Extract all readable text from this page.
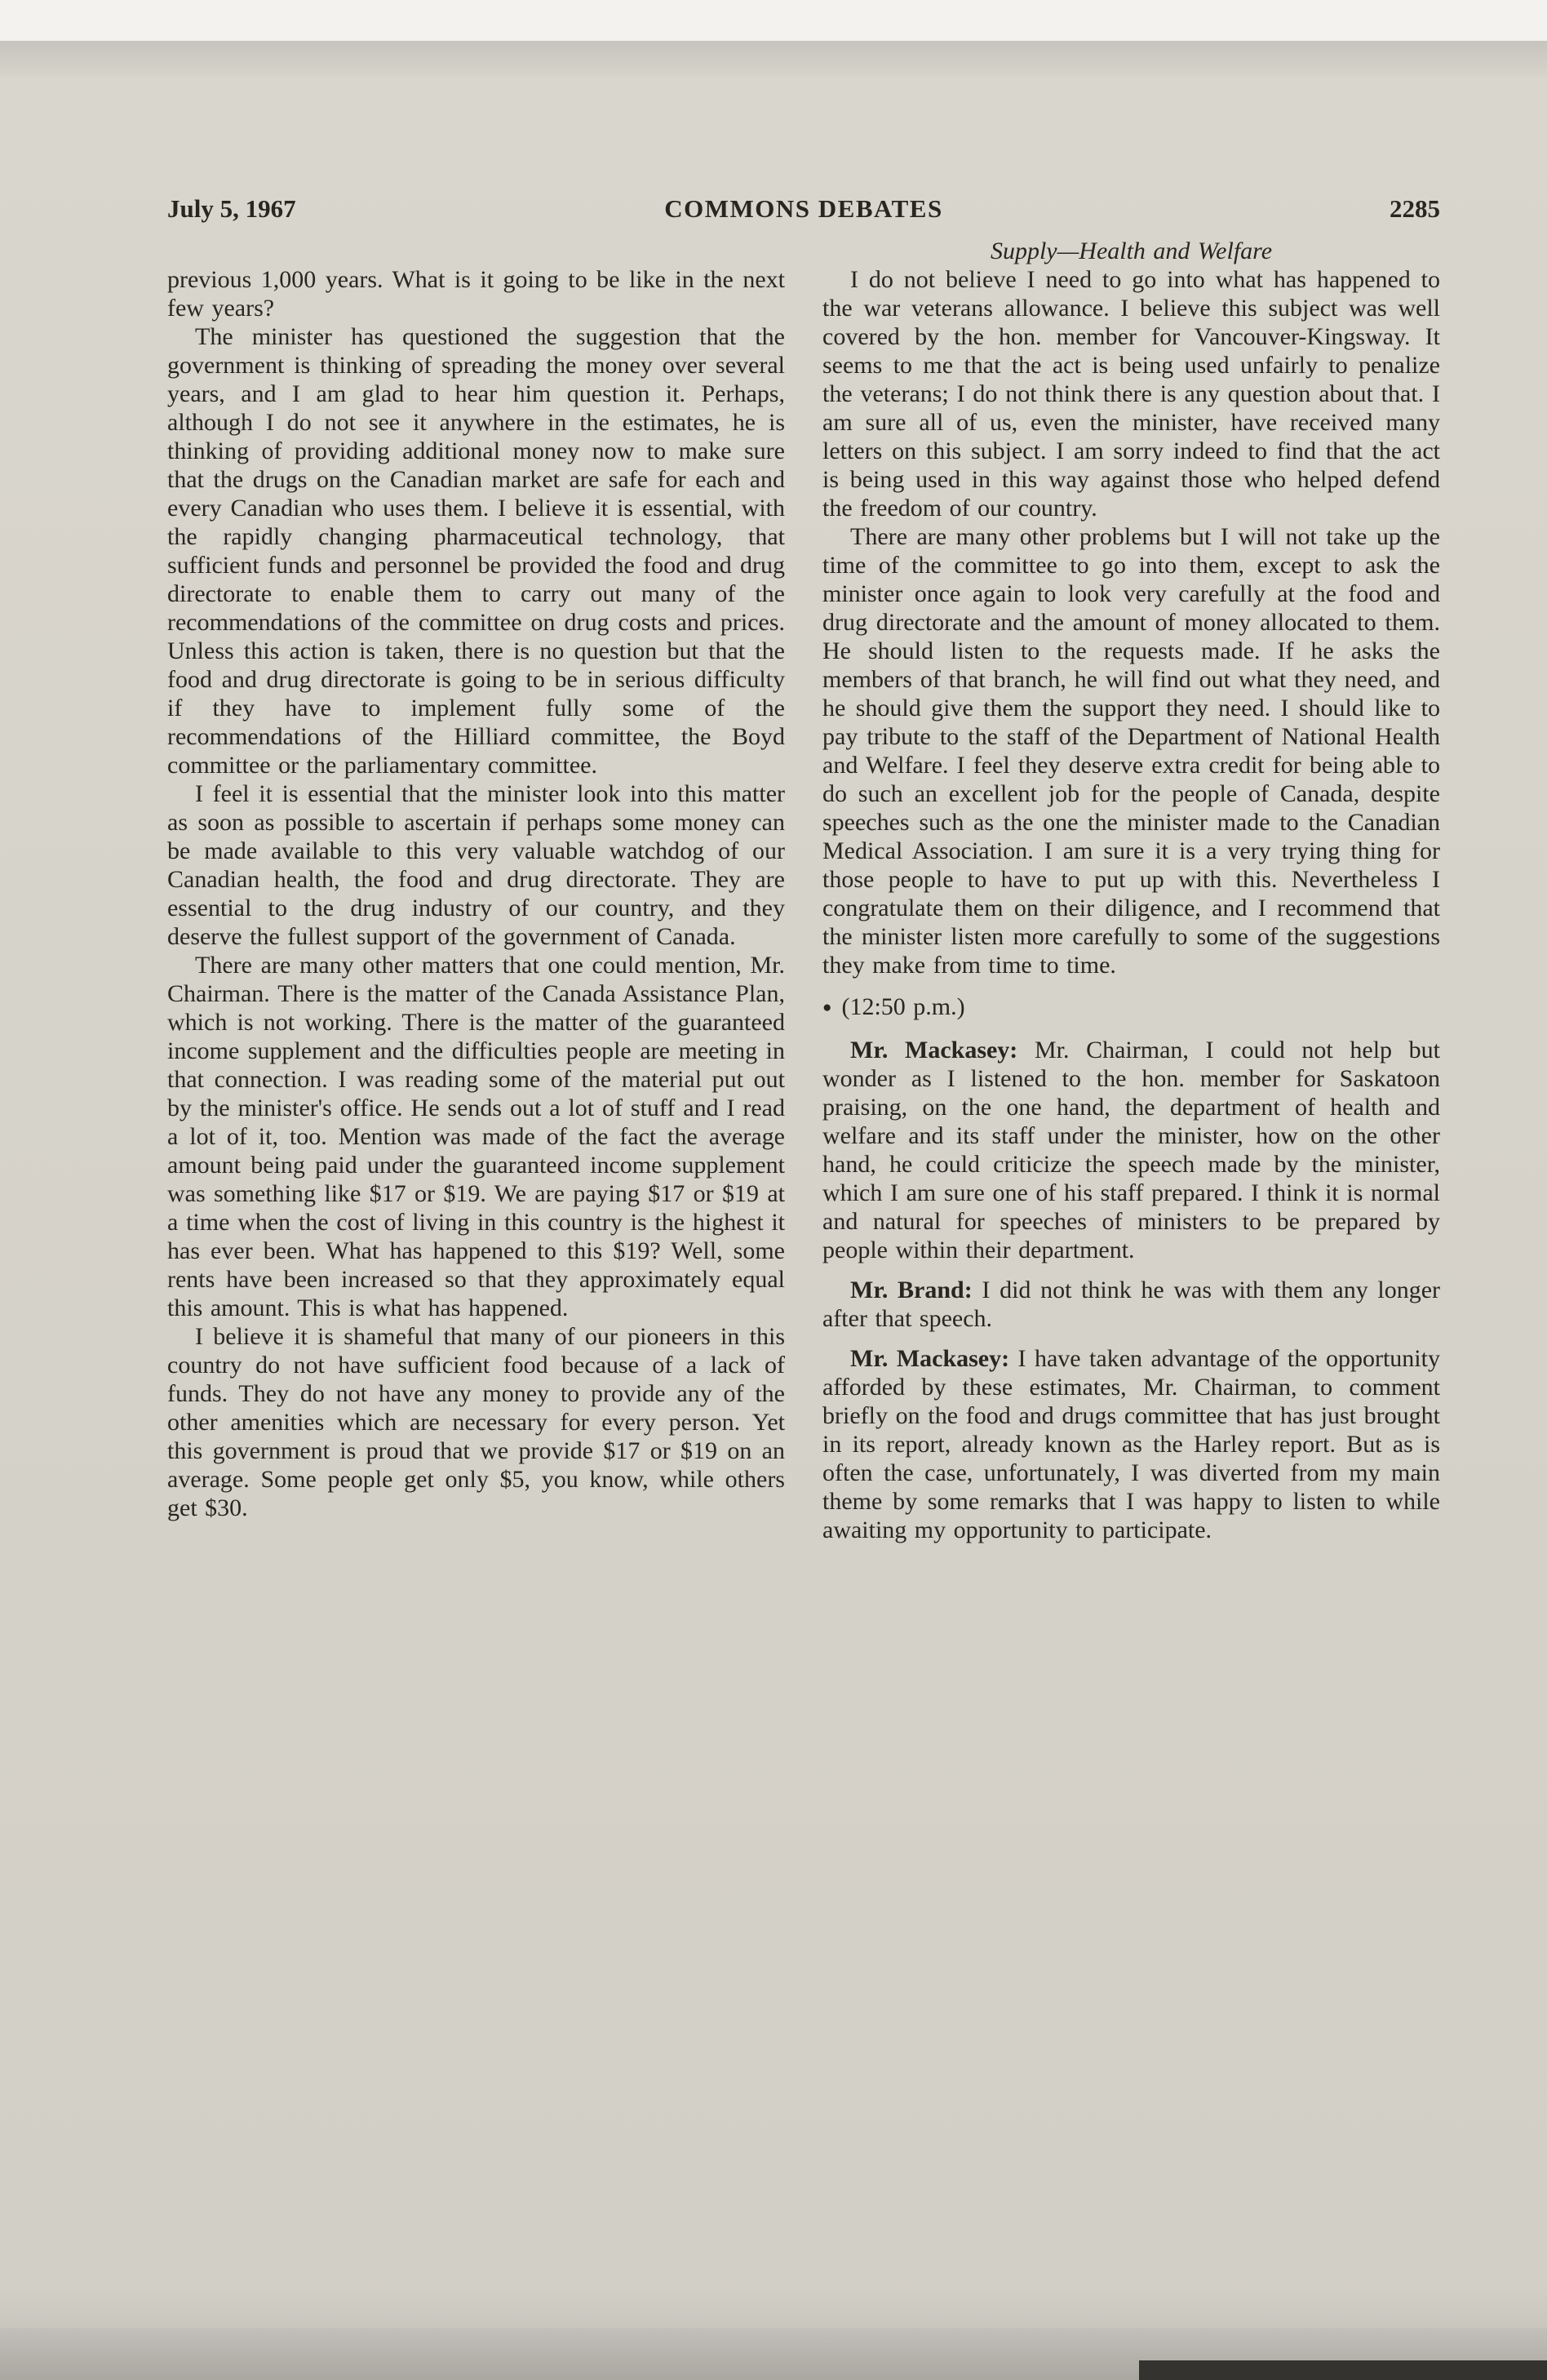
July 5, 1967	COMMONS DEBATES	2285

previous 1,000 years. What is it going to be like in the next few years?

The minister has questioned the suggestion that the government is thinking of spreading the money over several years, and I am glad to hear him question it. Perhaps, although I do not see it anywhere in the estimates, he is thinking of providing additional money now to make sure that the drugs on the Canadian market are safe for each and every Canadian who uses them. I believe it is essential, with the rapidly changing pharmaceutical technology, that sufficient funds and personnel be provided the food and drug directorate to enable them to carry out many of the recommendations of the committee on drug costs and prices. Unless this action is taken, there is no question but that the food and drug directorate is going to be in serious difficulty if they have to implement fully some of the recommendations of the Hilliard committee, the Boyd committee or the parliamentary committee.

I feel it is essential that the minister look into this matter as soon as possible to ascertain if perhaps some money can be made available to this very valuable watchdog of our Canadian health, the food and drug directorate. They are essential to the drug industry of our country, and they deserve the fullest support of the government of Canada.

There are many other matters that one could mention, Mr. Chairman. There is the matter of the Canada Assistance Plan, which is not working. There is the matter of the guaranteed income supplement and the difficulties people are meeting in that connection. I was reading some of the material put out by the minister's office. He sends out a lot of stuff and I read a lot of it, too. Mention was made of the fact the average amount being paid under the guaranteed income supplement was something like $17 or $19. We are paying $17 or $19 at a time when the cost of living in this country is the highest it has ever been. What has happened to this $19? Well, some rents have been increased so that they approximately equal this amount. This is what has happened.

I believe it is shameful that many of our pioneers in this country do not have sufficient food because of a lack of funds. They do not have any money to provide any of the other amenities which are necessary for every person. Yet this government is proud that we provide $17 or $19 on an average. Some people get only $5, you know, while others get $30.

Supply—Health and Welfare

I do not believe I need to go into what has happened to the war veterans allowance. I believe this subject was well covered by the hon. member for Vancouver-Kingsway. It seems to me that the act is being used unfairly to penalize the veterans; I do not think there is any question about that. I am sure all of us, even the minister, have received many letters on this subject. I am sorry indeed to find that the act is being used in this way against those who helped defend the freedom of our country.

There are many other problems but I will not take up the time of the committee to go into them, except to ask the minister once again to look very carefully at the food and drug directorate and the amount of money allocated to them. He should listen to the requests made. If he asks the members of that branch, he will find out what they need, and he should give them the support they need. I should like to pay tribute to the staff of the Department of National Health and Welfare. I feel they deserve extra credit for being able to do such an excellent job for the people of Canada, despite speeches such as the one the minister made to the Canadian Medical Association. I am sure it is a very trying thing for those people to have to put up with this. Nevertheless I congratulate them on their diligence, and I recommend that the minister listen more carefully to some of the suggestions they make from time to time.

● (12:50 p.m.)

Mr. Mackasey: Mr. Chairman, I could not help but wonder as I listened to the hon. member for Saskatoon praising, on the one hand, the department of health and welfare and its staff under the minister, how on the other hand, he could criticize the speech made by the minister, which I am sure one of his staff prepared. I think it is normal and natural for speeches of ministers to be prepared by people within their department.

Mr. Brand: I did not think he was with them any longer after that speech.

Mr. Mackasey: I have taken advantage of the opportunity afforded by these estimates, Mr. Chairman, to comment briefly on the food and drugs committee that has just brought in its report, already known as the Harley report. But as is often the case, unfortunately, I was diverted from my main theme by some remarks that I was happy to listen to while awaiting my opportunity to participate.
